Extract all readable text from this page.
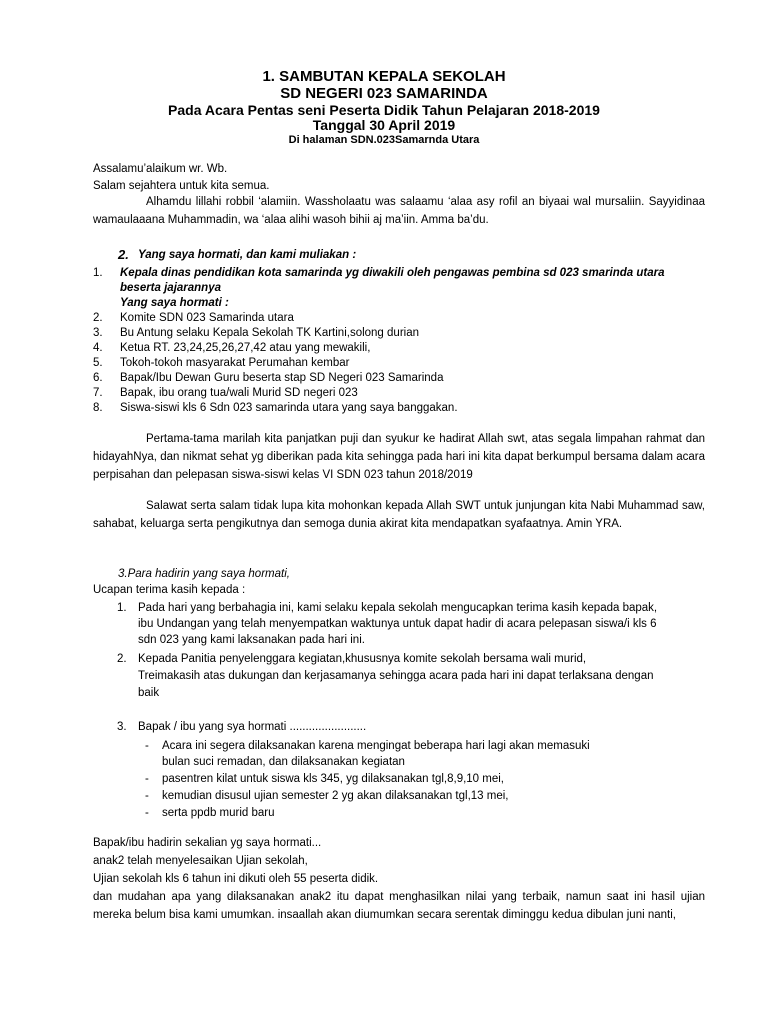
1. SAMBUTAN KEPALA SEKOLAH
SD NEGERI 023 SAMARINDA
Pada Acara Pentas seni Peserta Didik Tahun Pelajaran 2018-2019
Tanggal 30 April 2019
Di halaman SDN.023Samarnda Utara
Assalamu’alaikum wr. Wb.
Salam sejahtera untuk kita semua.
Alhamdu lillahi robbil ‘alamiin. Wassholaatu was salaamu ‘alaa asy rofil an biyaai wal mursaliin. Sayyidinaa wamaulaaana Muhammadin, wa ‘alaa alihi wasoh bihii aj ma’iin. Amma ba’du.
2. Yang saya hormati, dan kami muliakan :
1. Kepala dinas pendidikan kota samarinda yg diwakili oleh pengawas pembina sd 023 smarinda utara
beserta jajarannya
Yang saya hormati :
2. Komite SDN 023 Samarinda utara
3. Bu Antung selaku Kepala Sekolah TK Kartini,solong durian
4. Ketua RT. 23,24,25,26,27,42 atau yang mewakili,
5. Tokoh-tokoh masyarakat Perumahan kembar
6. Bapak/Ibu Dewan Guru beserta stap SD Negeri 023 Samarinda
7. Bapak, ibu orang tua/wali Murid SD negeri 023
8. Siswa-siswi kls 6 Sdn 023 samarinda utara yang saya banggakan.
Pertama-tama marilah kita panjatkan puji dan syukur ke hadirat Allah swt, atas segala limpahan rahmat dan hidayahNya, dan nikmat sehat yg diberikan pada kita sehingga pada hari ini kita dapat berkumpul bersama dalam acara perpisahan dan pelepasan siswa-siswi kelas VI SDN 023 tahun 2018/2019
Salawat serta salam tidak lupa kita mohonkan kepada Allah SWT untuk junjungan kita Nabi Muhammad saw, sahabat, keluarga serta pengikutnya dan semoga dunia akirat kita mendapatkan syafaatnya. Amin YRA.
3.Para hadirin yang saya hormati,
Ucapan terima kasih kepada :
1. Pada hari yang berbahagia ini, kami selaku kepala sekolah mengucapkan terima kasih kepada bapak,
ibu Undangan yang telah menyempatkan waktunya untuk dapat hadir di acara pelepasan siswa/i kls 6
sdn 023 yang kami laksanakan pada hari ini.
2. Kepada Panitia penyelenggara kegiatan,khususnya komite sekolah bersama wali murid,
Treimakasih atas dukungan dan kerjasamanya sehingga acara pada hari ini dapat terlaksana dengan
baik
3. Bapak / ibu yang sya hormati ........................
- Acara ini segera dilaksanakan karena mengingat beberapa hari lagi akan memasuki
bulan suci remadan, dan dilaksanakan kegiatan
- pasentren kilat untuk siswa kls 345, yg dilaksanakan tgl,8,9,10 mei,
- kemudian disusul ujian semester 2 yg akan dilaksanakan tgl,13 mei,
- serta ppdb murid baru
Bapak/ibu hadirin sekalian yg saya hormati...
anak2 telah menyelesaikan Ujian sekolah,
Ujian sekolah kls 6 tahun ini dikuti oleh 55 peserta didik.
dan mudahan apa yang dilaksanakan anak2 itu dapat menghasilkan nilai yang terbaik, namun saat ini hasil ujian mereka belum bisa kami umumkan. insaallah akan diumumkan secara serentak diminggu kedua dibulan juni nanti,
